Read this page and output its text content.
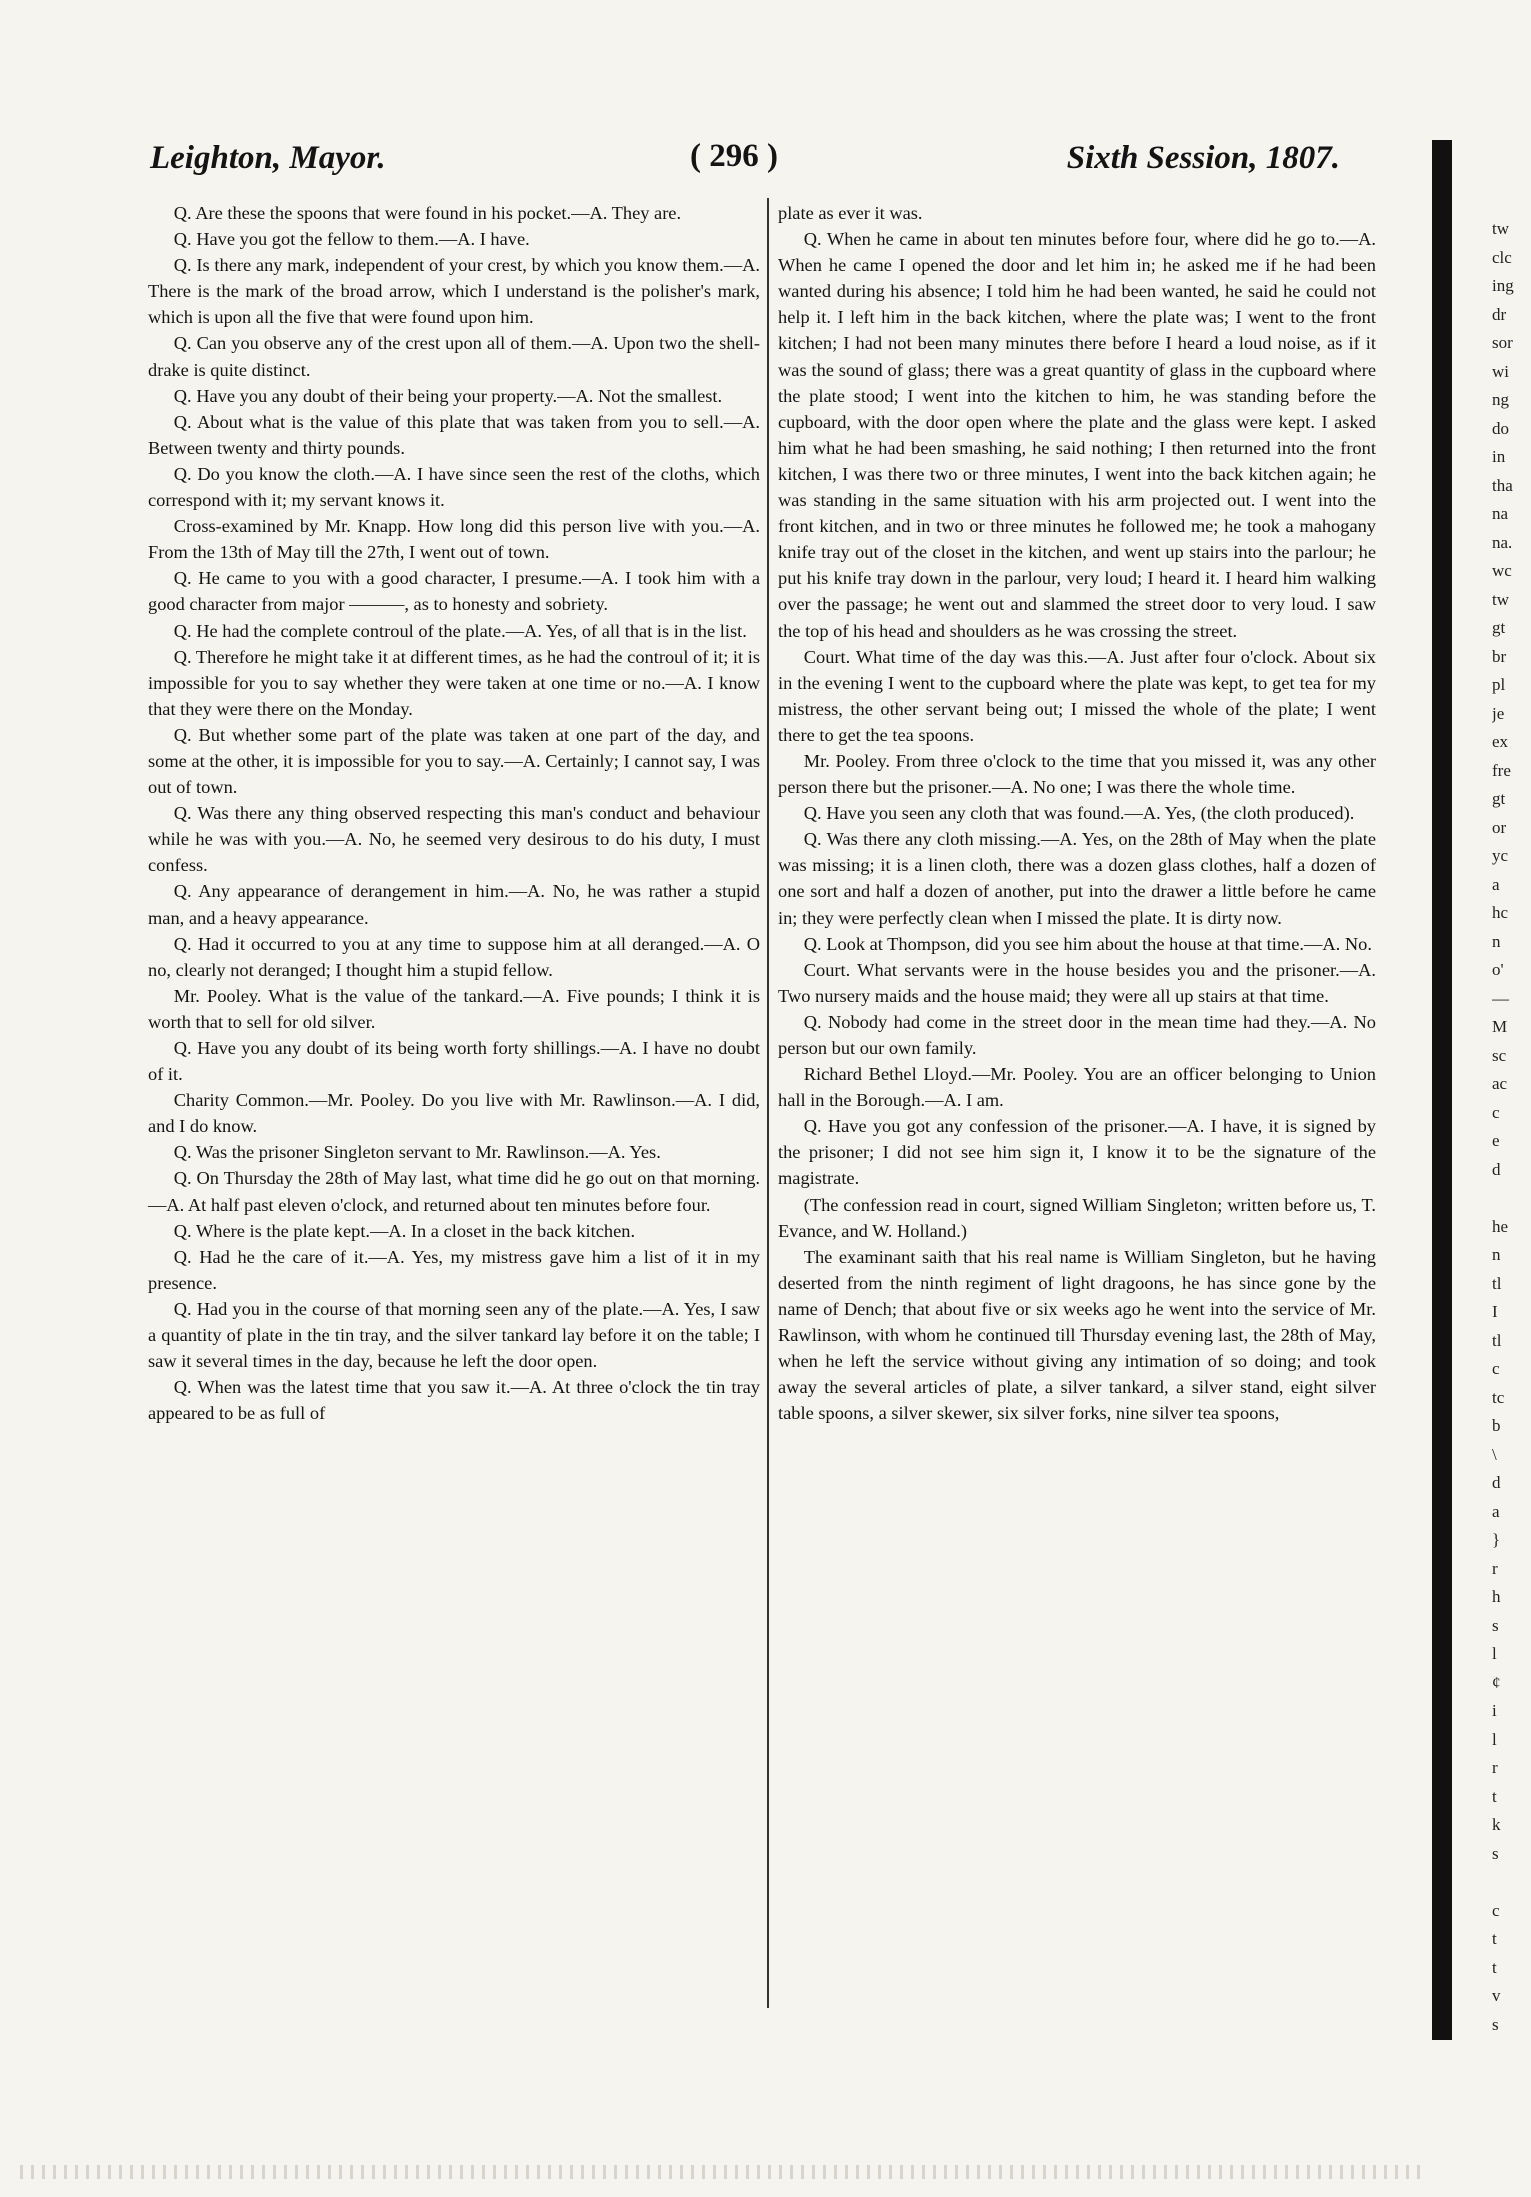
Leighton, Mayor.	( 296 )	Sixth Session, 1807.

Q. Are these the spoons that were found in his pocket.—A. They are.

Q. Have you got the fellow to them.—A. I have.

Q. Is there any mark, independent of your crest, by which you know them.—A. There is the mark of the broad arrow, which I understand is the polisher's mark, which is upon all the five that were found upon him.

Q. Can you observe any of the crest upon all of them.—A. Upon two the shell-drake is quite distinct.

Q. Have you any doubt of their being your property.—A. Not the smallest.

Q. About what is the value of this plate that was taken from you to sell.—A. Between twenty and thirty pounds.

Q. Do you know the cloth.—A. I have since seen the rest of the cloths, which correspond with it; my servant knows it.

Cross-examined by Mr. Knapp. How long did this person live with you.—A. From the 13th of May till the 27th, I went out of town.

Q. He came to you with a good character, I presume.—A. I took him with a good character from major ———, as to honesty and sobriety.

Q. He had the complete controul of the plate.—A. Yes, of all that is in the list.

Q. Therefore he might take it at different times, as he had the controul of it; it is impossible for you to say whether they were taken at one time or no.—A. I know that they were there on the Monday.

Q. But whether some part of the plate was taken at one part of the day, and some at the other, it is impossible for you to say.—A. Certainly; I cannot say, I was out of town.

Q. Was there any thing observed respecting this man's conduct and behaviour while he was with you.—A. No, he seemed very desirous to do his duty, I must confess.

Q. Any appearance of derangement in him.—A. No, he was rather a stupid man, and a heavy appearance.

Q. Had it occurred to you at any time to suppose him at all deranged.—A. O no, clearly not deranged; I thought him a stupid fellow.

Mr. Pooley. What is the value of the tankard.—A. Five pounds; I think it is worth that to sell for old silver.

Q. Have you any doubt of its being worth forty shillings.—A. I have no doubt of it.

Charity Common.—Mr. Pooley. Do you live with Mr. Rawlinson.—A. I did, and I do know.

Q. Was the prisoner Singleton servant to Mr. Rawlinson.—A. Yes.

Q. On Thursday the 28th of May last, what time did he go out on that morning.—A. At half past eleven o'clock, and returned about ten minutes before four.

Q. Where is the plate kept.—A. In a closet in the back kitchen.

Q. Had he the care of it.—A. Yes, my mistress gave him a list of it in my presence.

Q. Had you in the course of that morning seen any of the plate.—A. Yes, I saw a quantity of plate in the tin tray, and the silver tankard lay before it on the table; I saw it several times in the day, because he left the door open.

Q. When was the latest time that you saw it.—A. At three o'clock the tin tray appeared to be as full of

plate as ever it was.

Q. When he came in about ten minutes before four, where did he go to.—A. When he came I opened the door and let him in; he asked me if he had been wanted during his absence; I told him he had been wanted, he said he could not help it. I left him in the back kitchen, where the plate was; I went to the front kitchen; I had not been many minutes there before I heard a loud noise, as if it was the sound of glass; there was a great quantity of glass in the cupboard where the plate stood; I went into the kitchen to him, he was standing before the cupboard, with the door open where the plate and the glass were kept. I asked him what he had been smashing, he said nothing; I then returned into the front kitchen, I was there two or three minutes, I went into the back kitchen again; he was standing in the same situation with his arm projected out. I went into the front kitchen, and in two or three minutes he followed me; he took a mahogany knife tray out of the closet in the kitchen, and went up stairs into the parlour; he put his knife tray down in the parlour, very loud; I heard it. I heard him walking over the passage; he went out and slammed the street door to very loud. I saw the top of his head and shoulders as he was crossing the street.

Court. What time of the day was this.—A. Just after four o'clock. About six in the evening I went to the cupboard where the plate was kept, to get tea for my mistress, the other servant being out; I missed the whole of the plate; I went there to get the tea spoons.

Mr. Pooley. From three o'clock to the time that you missed it, was any other person there but the prisoner.—A. No one; I was there the whole time.

Q. Have you seen any cloth that was found.—A. Yes, (the cloth produced).

Q. Was there any cloth missing.—A. Yes, on the 28th of May when the plate was missing; it is a linen cloth, there was a dozen glass clothes, half a dozen of one sort and half a dozen of another, put into the drawer a little before he came in; they were perfectly clean when I missed the plate. It is dirty now.

Q. Look at Thompson, did you see him about the house at that time.—A. No.

Court. What servants were in the house besides you and the prisoner.—A. Two nursery maids and the house maid; they were all up stairs at that time.

Q. Nobody had come in the street door in the mean time had they.—A. No person but our own family.

Richard Bethel Lloyd.—Mr. Pooley. You are an officer belonging to Union hall in the Borough.—A. I am.

Q. Have you got any confession of the prisoner.—A. I have, it is signed by the prisoner; I did not see him sign it, I know it to be the signature of the magistrate.

(The confession read in court, signed William Singleton; written before us, T. Evance, and W. Holland.)

The examinant saith that his real name is William Singleton, but he having deserted from the ninth regiment of light dragoons, he has since gone by the name of Dench; that about five or six weeks ago he went into the service of Mr. Rawlinson, with whom he continued till Thursday evening last, the 28th of May, when he left the service without giving any intimation of so doing; and took away the several articles of plate, a silver tankard, a silver stand, eight silver table spoons, a silver skewer, six silver forks, nine silver tea spoons,

tw
clc
ing
dr
sor
wi
ng
do
in
tha
na
na.
wc
tw
gt
br
pl
je
ex
fre
gt
or
yc
a
hc
n
o'
—
M
sc
ac
c
e
d
he
n
tl
I
tl
c
tc
b
\
d
a
}
r
h
s
l
¢
i
l
r
t
k
s
c
t
t
v
s
